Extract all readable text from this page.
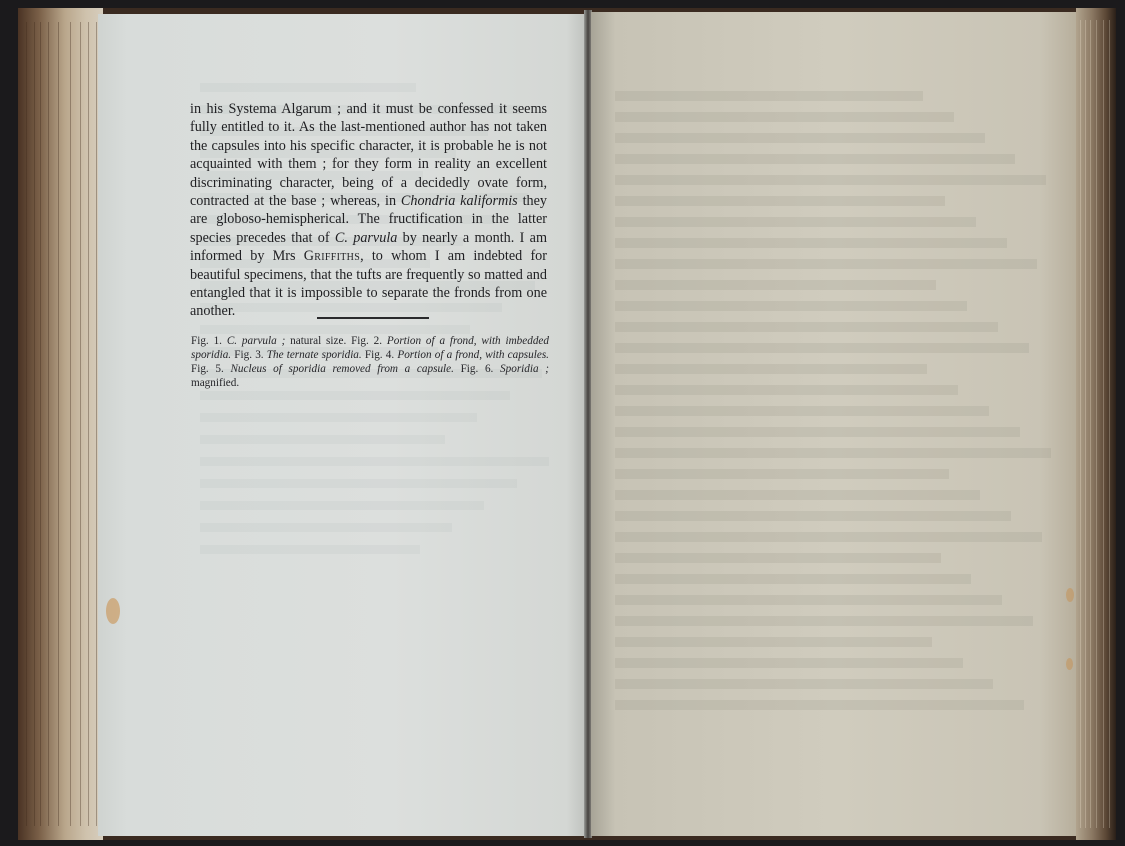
in his Systema Algarum ; and it must be confessed it seems fully entitled to it. As the last-mentioned author has not taken the capsules into his specific character, it is probable he is not acquainted with them ; for they form in reality an excellent discriminating character, being of a decidedly ovate form, contracted at the base ; whereas, in Chondria kaliformis they are globoso-hemispherical. The fructification in the latter species precedes that of C. parvula by nearly a month. I am informed by Mrs Griffiths, to whom I am indebted for beautiful specimens, that the tufts are frequently so matted and entangled that it is impossible to separate the fronds from one another.
Fig. 1. C. parvula ; natural size. Fig. 2. Portion of a frond, with imbedded sporidia. Fig. 3. The ternate sporidia. Fig. 4. Portion of a frond, with capsules. Fig. 5. Nucleus of sporidia removed from a capsule. Fig. 6. Sporidia ; magnified.
